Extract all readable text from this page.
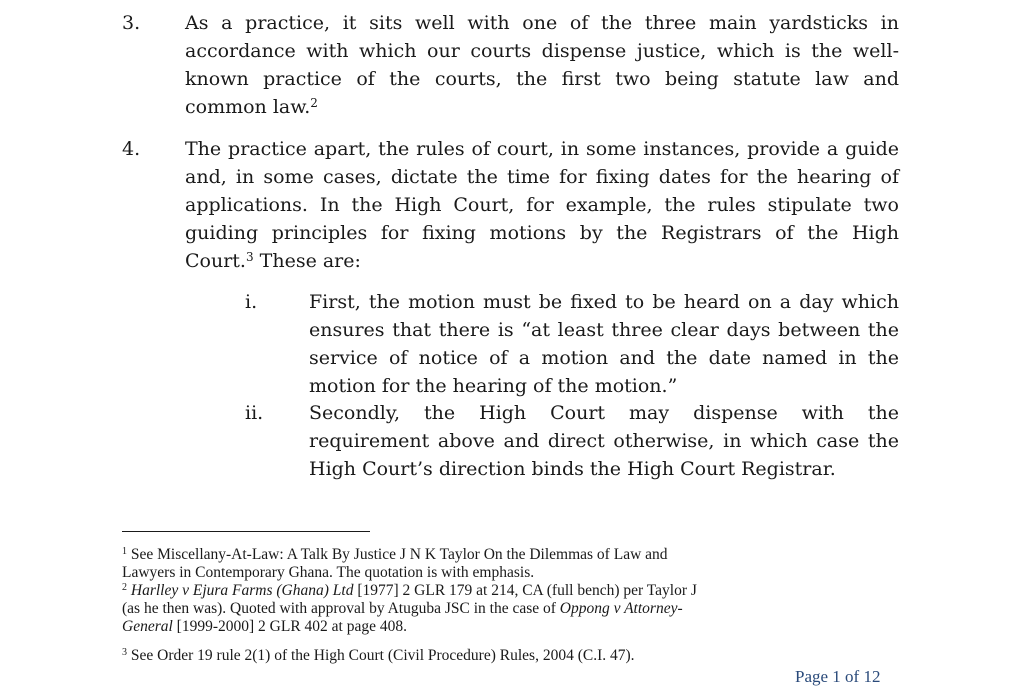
3. As a practice, it sits well with one of the three main yardsticks in
accordance with which our courts dispense justice, which is the well-
known practice of the courts, the first two being statute law and
common law.$^2$
4. The practice apart, the rules of court, in some instances, provide a guide
and, in some cases, dictate the time for fixing dates for the hearing of
applications. In the High Court, for example, the rules stipulate two
guiding principles for fixing motions by the Registrars of the High
Court.$^3$ These are:
i.	First, the motion must be fixed to be heard on a day which
ensures that there is “at least three clear days between the
service of notice of a motion and the date named in the
motion for the hearing of the motion.”
ii. Secondly, the High Court may dispense with the
requirement above and direct otherwise, in which case the
High Court’s direction binds the High Court Registrar.
$^1$ See Miscellany-At-Law: A Talk By Justice J N K Taylor On the Dilemmas of Law and
Lawyers in Contemporary Ghana. The quotation is with emphasis.
$^2$ Harlley v Ejura Farms (Ghana) Ltd [1977] 2 GLR 179 at 214, CA (full bench) per Taylor J
(as he then was). Quoted with approval by Atuguba JSC in the case of Oppong v Attorney-
General [1999-2000] 2 GLR 402 at page 408.
$^3$ See Order 19 rule 2(1) of the High Court (Civil Procedure) Rules, 2004 (C.I. 47).
Page 1 of 12
